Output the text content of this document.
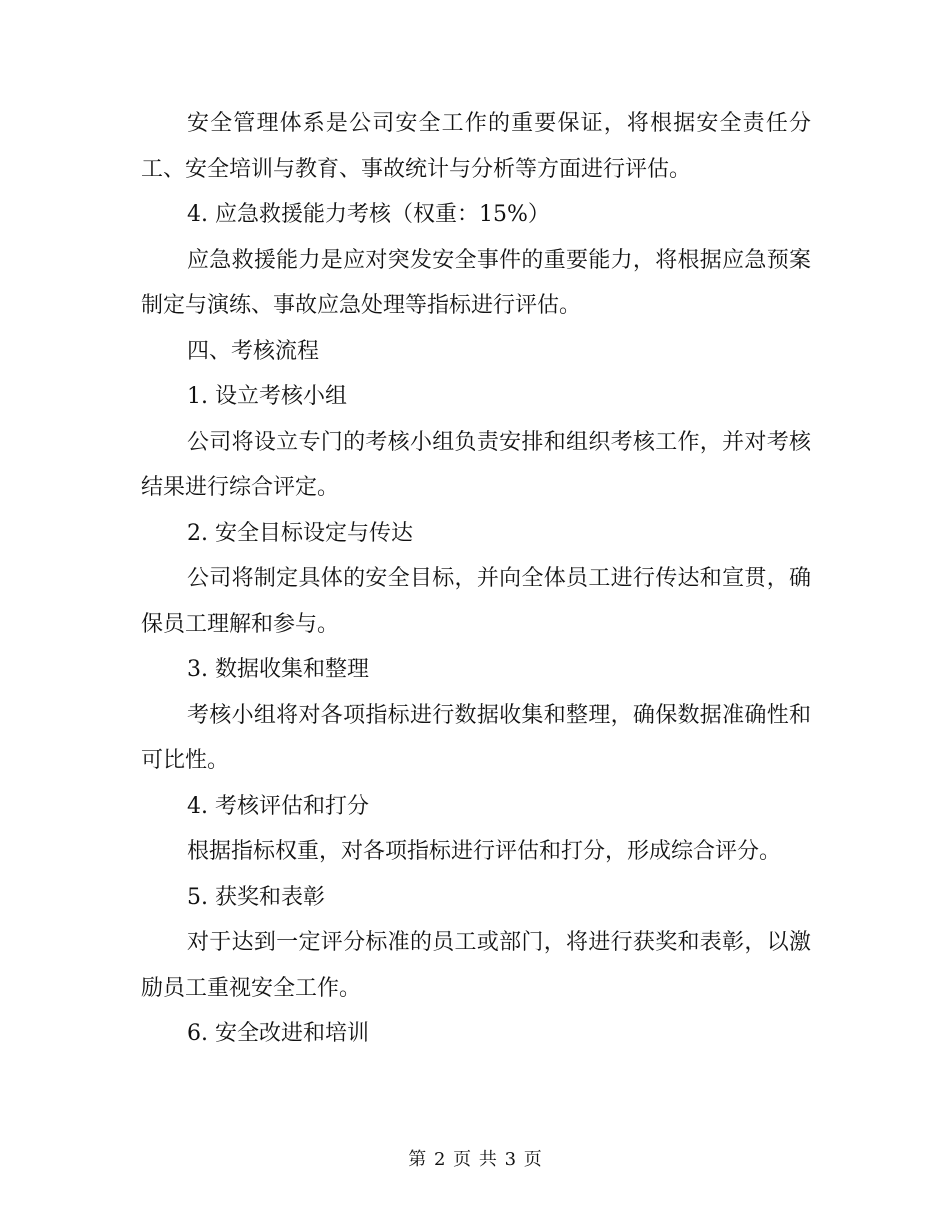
安全管理体系是公司安全工作的重要保证，将根据安全责任分工、安全培训与教育、事故统计与分析等方面进行评估。

4. 应急救援能力考核（权重：15%）

应急救援能力是应对突发安全事件的重要能力，将根据应急预案制定与演练、事故应急处理等指标进行评估。

四、考核流程

1. 设立考核小组

公司将设立专门的考核小组负责安排和组织考核工作，并对考核结果进行综合评定。

2. 安全目标设定与传达

公司将制定具体的安全目标，并向全体员工进行传达和宣贯，确保员工理解和参与。

3. 数据收集和整理

考核小组将对各项指标进行数据收集和整理，确保数据准确性和可比性。

4. 考核评估和打分

根据指标权重，对各项指标进行评估和打分，形成综合评分。

5. 获奖和表彰

对于达到一定评分标准的员工或部门，将进行获奖和表彰，以激励员工重视安全工作。

6. 安全改进和培训

第 2 页 共 3 页
